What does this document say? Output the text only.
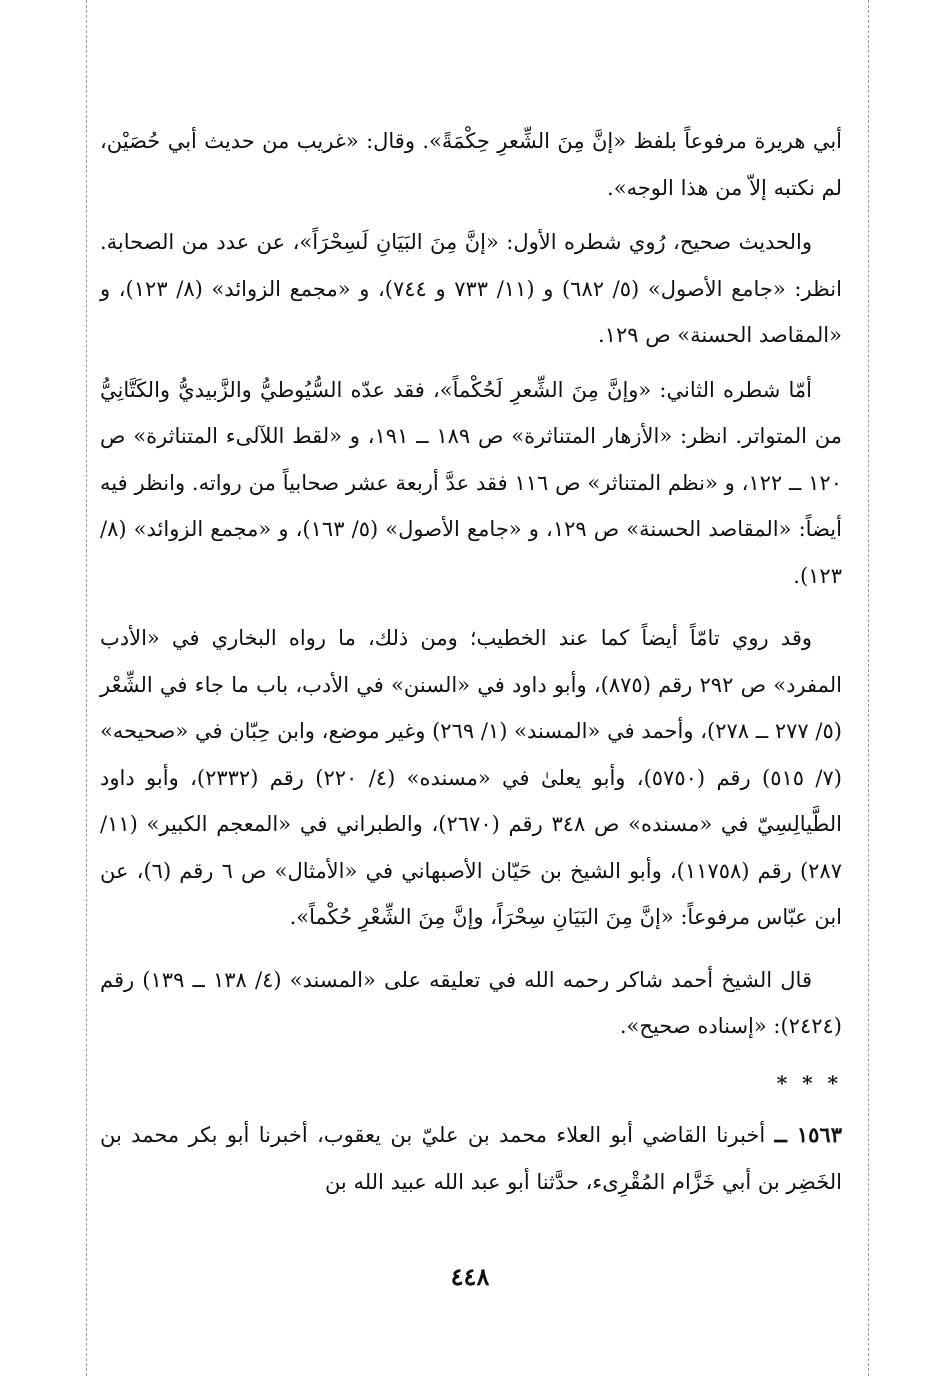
أبي هريرة مرفوعاً بلفظ «إنَّ مِنَ الشِّعرِ حِكْمَةً». وقال: «غريب من حديث أبي حُصَيْن، لم نكتبه إلاّ من هذا الوجه».

والحديث صحيح، رُوي شطره الأول: «إنَّ مِنَ البَيَانِ لَسِحْرَاً»، عن عدد من الصحابة. انظر: «جامع الأصول» (٥/ ٦٨٢) و (١١/ ٧٣٣ و ٧٤٤)، و «مجمع الزوائد» (٨/ ١٢٣)، و «المقاصد الحسنة» ص ١٢٩.

أمّا شطره الثاني: «وإنَّ مِنَ الشِّعرِ لَحُكْماً»، فقد عدّه السُّيُوطيُّ والزَّبيديُّ والكَتَّانِيُّ من المتواتر. انظر: «الأزهار المتناثرة» ص ١٨٩ ــ ١٩١، و «لقط اللآلىء المتناثرة» ص ١٢٠ ــ ١٢٢، و «نظم المتناثر» ص ١١٦ فقد عدَّ أربعة عشر صحابياً من رواته. وانظر فيه أيضاً: «المقاصد الحسنة» ص ١٢٩، و «جامع الأصول» (٥/ ١٦٣)، و «مجمع الزوائد» (٨/ ١٢٣).

وقد روي تامّاً أيضاً كما عند الخطيب؛ ومن ذلك، ما رواه البخاري في «الأدب المفرد» ص ٢٩٢ رقم (٨٧٥)، وأبو داود في «السنن» في الأدب، باب ما جاء في الشِّعْر (٥/ ٢٧٧ ــ ٢٧٨)، وأحمد في «المسند» (١/ ٢٦٩) وغير موضع، وابن حِبّان في «صحيحه» (٧/ ٥١٥) رقم (٥٧٥٠)، وأبو يعلىٰ في «مسنده» (٤/ ٢٢٠) رقم (٢٣٣٢)، وأبو داود الطَّيالِسِيّ في «مسنده» ص ٣٤٨ رقم (٢٦٧٠)، والطبراني في «المعجم الكبير» (١١/ ٢٨٧) رقم (١١٧٥٨)، وأبو الشيخ بن حَيّان الأصبهاني في «الأمثال» ص ٦ رقم (٦)، عن ابن عبّاس مرفوعاً: «إنَّ مِنَ البَيَانِ سِحْرَاً، وإنَّ مِنَ الشِّعْرِ حُكْماً».

قال الشيخ أحمد شاكر رحمه الله في تعليقه على «المسند» (٤/ ١٣٨ ــ ١٣٩) رقم (٢٤٢٤): «إسناده صحيح».

* * *

١٥٦٣ ــ أخبرنا القاضي أبو العلاء محمد بن عليّ بن يعقوب، أخبرنا أبو بكر محمد بن الخَضِر بن أبي خَزَّام المُقْرِىء، حدَّثنا أبو عبد الله عبيد الله بن

٤٤٨
